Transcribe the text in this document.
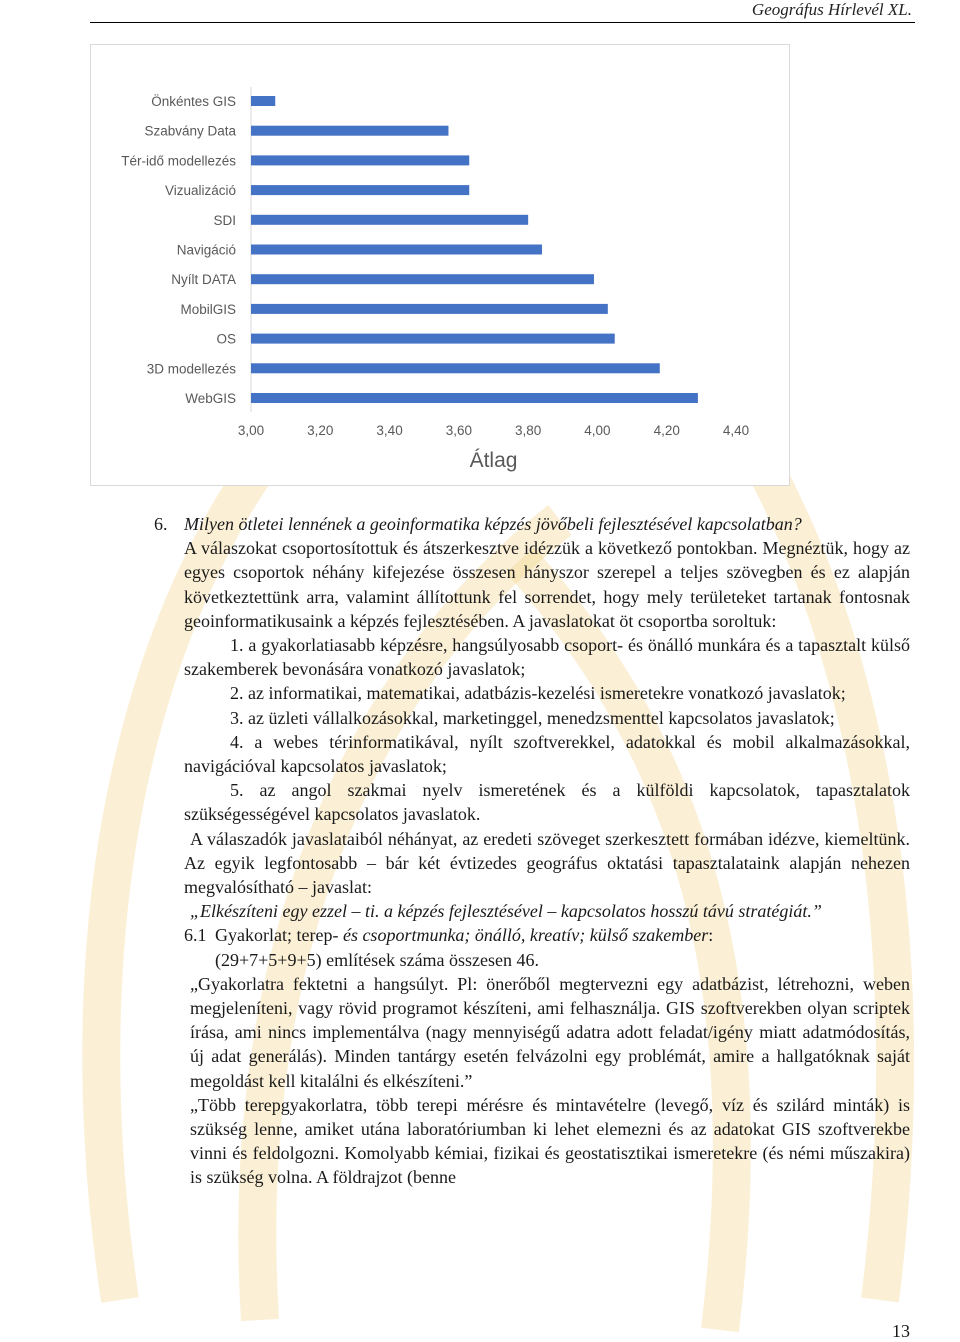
Geográfus Hírlevél XL.
Önkéntes GIS
Szabvány Data
Tér-idő modellezés
Vizualizáció
SDI
Navigáció
Nyílt DATA
MobilGIS
OS
3D modellezés
WebGIS
3,00	3,20	3,40	3,60	3,80	4,00	4,20	4,40
Átlag

6. Milyen ötletei lennének a geoinformatika képzés jövőbeli fejlesztésével kapcsolatban?

A válaszokat csoportosítottuk és átszerkesztve idézzük a következő pontokban. Megnéztük, hogy az egyes csoportok néhány kifejezése összesen hányszor szerepel a teljes szövegben és ez alapján következtettünk arra, valamint állítottunk fel sorrendet, hogy mely területeket tartanak fontosnak geoinformatikusaink a képzés fejlesztésében. A javaslatokat öt csoportba soroltuk:

1. a gyakorlatiasabb képzésre, hangsúlyosabb csoport- és önálló munkára és a tapasztalt külső szakemberek bevonására vonatkozó javaslatok;

2. az informatikai, matematikai, adatbázis-kezelési ismeretekre vonatkozó javaslatok;

3. az üzleti vállalkozásokkal, marketinggel, menedzsmenttel kapcsolatos javaslatok;

4. a webes térinformatikával, nyílt szoftverekkel, adatokkal és mobil alkalmazásokkal, navigációval kapcsolatos javaslatok;

5. az angol szakmai nyelv ismeretének és a külföldi kapcsolatok, tapasztalatok szükségességével kapcsolatos javaslatok.

A válaszadók javaslataiból néhányat, az eredeti szöveget szerkesztett formában idézve, kiemeltünk. Az egyik legfontosabb – bár két évtizedes geográfus oktatási tapasztalataink alapján nehezen megvalósítható – javaslat:

„Elkészíteni egy ezzel – ti. a képzés fejlesztésével – kapcsolatos hosszú távú stratégiát.”

6.1 Gyakorlat; terep- és csoportmunka; önálló, kreatív; külső szakember:

(29+7+5+9+5) említések száma összesen 46.

„Gyakorlatra fektetni a hangsúlyt. Pl: önerőből megtervezni egy adatbázist, létrehozni, weben megjeleníteni, vagy rövid programot készíteni, ami felhasználja. GIS szoftverekben olyan scriptek írása, ami nincs implementálva (nagy mennyiségű adatra adott feladat/igény miatt adatmódosítás, új adat generálás). Minden tantárgy esetén felvázolni egy problémát, amire a hallgatóknak saját megoldást kell kitalálni és elkészíteni.”

„Több terepgyakorlatra, több terepi mérésre és mintavételre (levegő, víz és szilárd minták) is szükség lenne, amiket utána laboratóriumban ki lehet elemezni és az adatokat GIS szoftverekbe vinni és feldolgozni. Komolyabb kémiai, fizikai és geostatisztikai ismeretekre (és némi műszakira) is szükség volna. A földrajzot (benne

13
